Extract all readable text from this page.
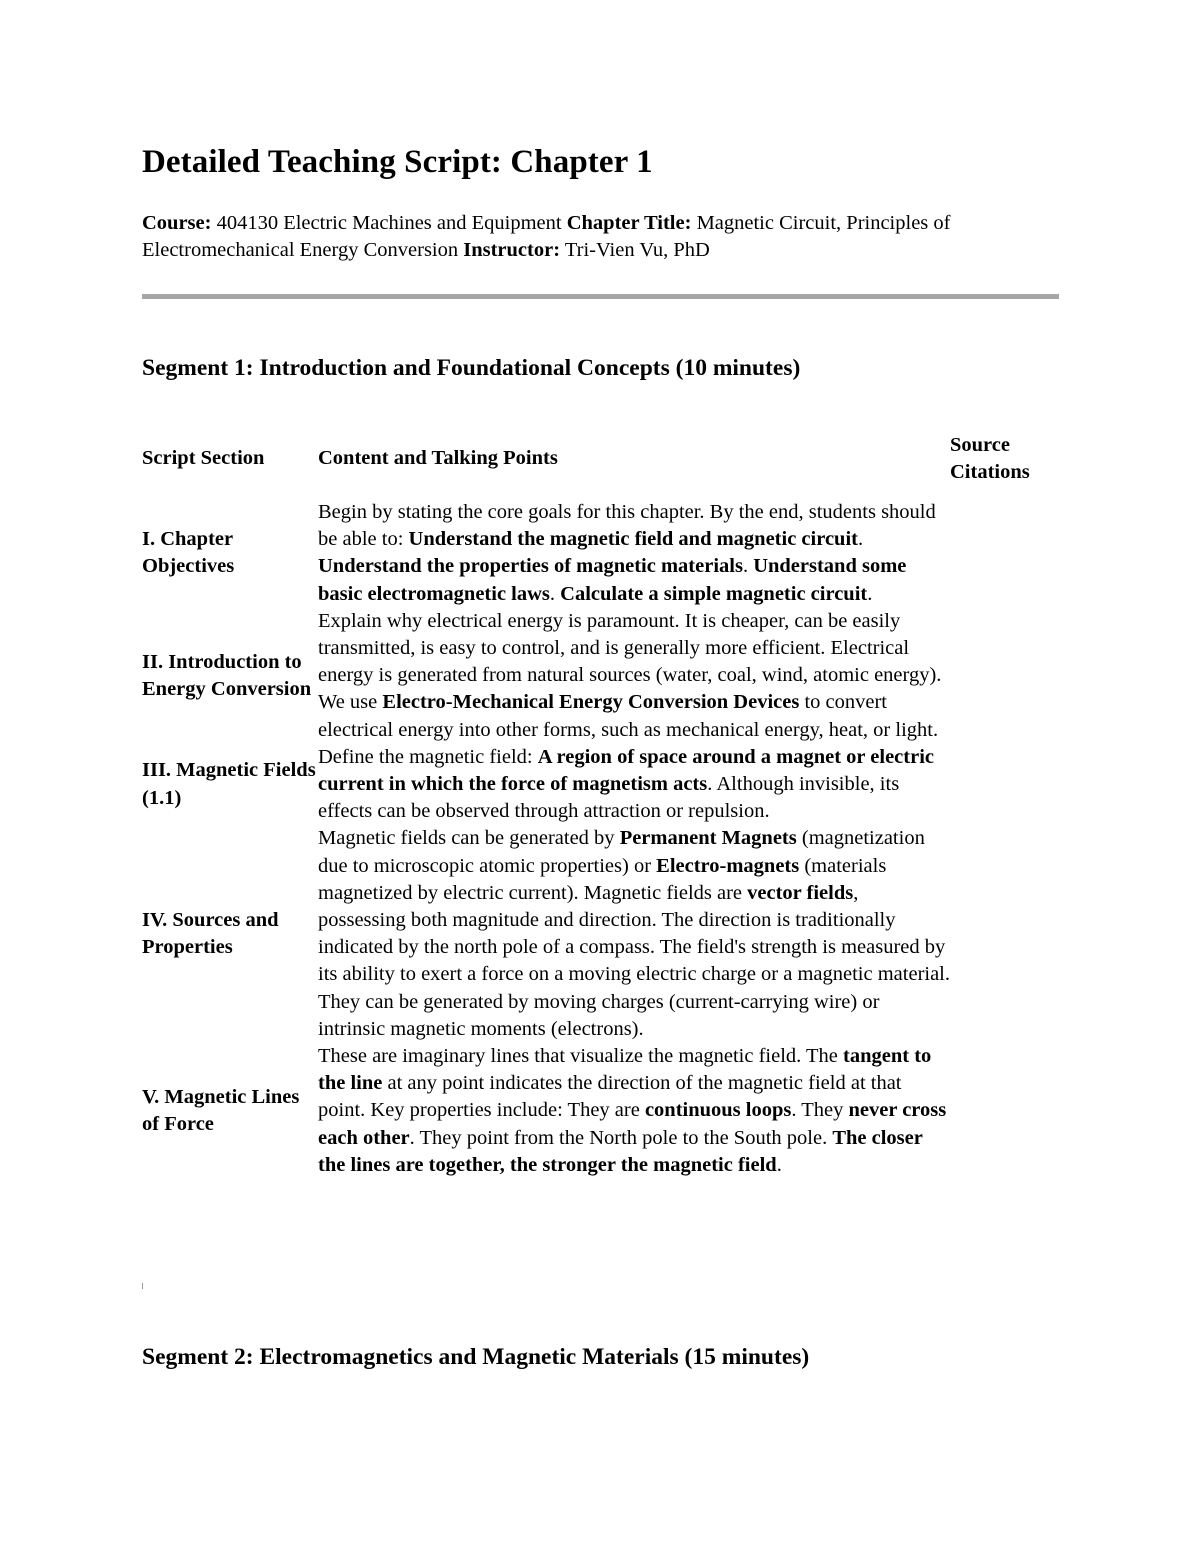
Detailed Teaching Script: Chapter 1
Course: 404130 Electric Machines and Equipment Chapter Title: Magnetic Circuit, Principles of Electromechanical Energy Conversion Instructor: Tri-Vien Vu, PhD
Segment 1: Introduction and Foundational Concepts (10 minutes)
Script Section	Content and Talking Points	Source Citations
I. Chapter Objectives	Begin by stating the core goals for this chapter. By the end, students should be able to: Understand the magnetic field and magnetic circuit. Understand the properties of magnetic materials. Understand some basic electromagnetic laws. Calculate a simple magnetic circuit.	
II. Introduction to Energy Conversion	Explain why electrical energy is paramount. It is cheaper, can be easily transmitted, is easy to control, and is generally more efficient. Electrical energy is generated from natural sources (water, coal, wind, atomic energy). We use Electro-Mechanical Energy Conversion Devices to convert electrical energy into other forms, such as mechanical energy, heat, or light.	
III. Magnetic Fields (1.1)	Define the magnetic field: A region of space around a magnet or electric current in which the force of magnetism acts. Although invisible, its effects can be observed through attraction or repulsion.	
IV. Sources and Properties	Magnetic fields can be generated by Permanent Magnets (magnetization due to microscopic atomic properties) or Electro-magnets (materials magnetized by electric current). Magnetic fields are vector fields, possessing both magnitude and direction. The direction is traditionally indicated by the north pole of a compass. The field's strength is measured by its ability to exert a force on a moving electric charge or a magnetic material. They can be generated by moving charges (current-carrying wire) or intrinsic magnetic moments (electrons).	
V. Magnetic Lines of Force	These are imaginary lines that visualize the magnetic field. The tangent to the line at any point indicates the direction of the magnetic field at that point. Key properties include: They are continuous loops. They never cross each other. They point from the North pole to the South pole. The closer the lines are together, the stronger the magnetic field.	
Segment 2: Electromagnetics and Magnetic Materials (15 minutes)
